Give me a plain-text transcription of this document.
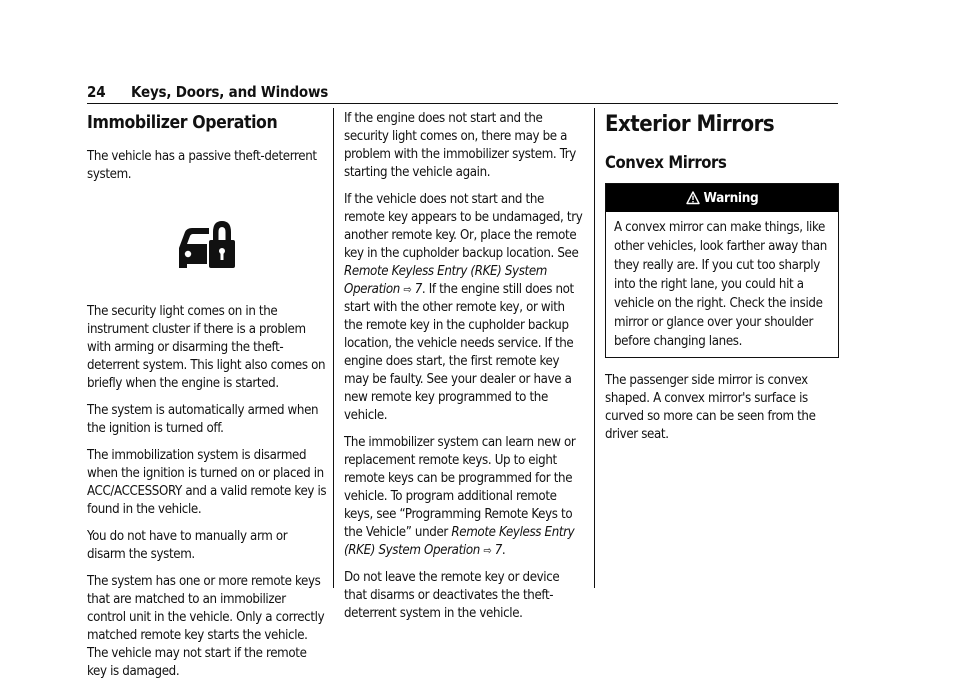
24 Keys, Doors, and Windows
Immobilizer Operation

The vehicle has a passive theft-deterrent system.

The security light comes on in the instrument cluster if there is a problem with arming or disarming the theft-deterrent system. This light also comes on briefly when the engine is started.

The system is automatically armed when the ignition is turned off.

The immobilization system is disarmed when the ignition is turned on or placed in ACC/ACCESSORY and a valid remote key is found in the vehicle.

You do not have to manually arm or disarm the system.

The system has one or more remote keys that are matched to an immobilizer control unit in the vehicle. Only a correctly matched remote key starts the vehicle. The vehicle may not start if the remote key is damaged.

If the engine does not start and the security light comes on, there may be a problem with the immobilizer system. Try starting the vehicle again.

If the vehicle does not start and the remote key appears to be undamaged, try another remote key. Or, place the remote key in the cupholder backup location. See Remote Keyless Entry (RKE) System Operation ⇨ 7. If the engine still does not start with the other remote key, or with the remote key in the cupholder backup location, the vehicle needs service. If the engine does start, the first remote key may be faulty. See your dealer or have a new remote key programmed to the vehicle.

The immobilizer system can learn new or replacement remote keys. Up to eight remote keys can be programmed for the vehicle. To program additional remote keys, see “Programming Remote Keys to the Vehicle” under Remote Keyless Entry (RKE) System Operation ⇨ 7.

Do not leave the remote key or device that disarms or deactivates the theft-deterrent system in the vehicle.

Exterior Mirrors
Convex Mirrors
Warning
A convex mirror can make things, like other vehicles, look farther away than they really are. If you cut too sharply into the right lane, you could hit a vehicle on the right. Check the inside mirror or glance over your shoulder before changing lanes.

The passenger side mirror is convex shaped. A convex mirror's surface is curved so more can be seen from the driver seat.
